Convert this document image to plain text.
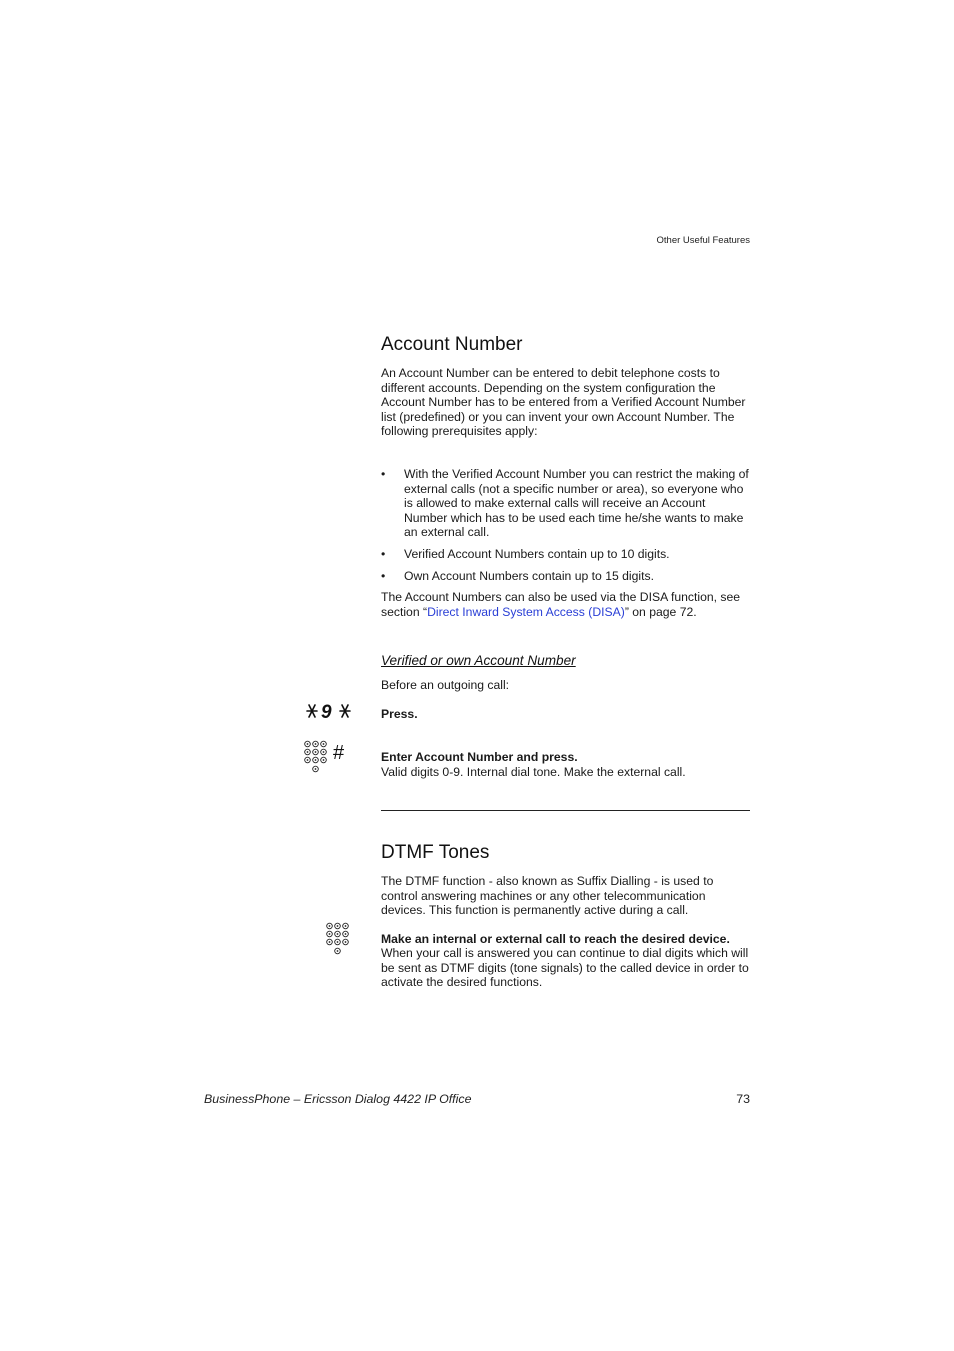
Other Useful Features
Account Number

An Account Number can be entered to debit telephone costs to different accounts. Depending on the system configuration the Account Number has to be entered from a Verified Account Number list (predefined) or you can invent your own Account Number. The following prerequisites apply:

• With the Verified Account Number you can restrict the making of external calls (not a specific number or area), so everyone who is allowed to make external calls will receive an Account Number which has to be used each time he/she wants to make an external call.
• Verified Account Numbers contain up to 10 digits.
• Own Account Numbers contain up to 15 digits.

The Account Numbers can also be used via the DISA function, see section “Direct Inward System Access (DISA)” on page 72.

Verified or own Account Number
Before an outgoing call:
9	Press.
#	Enter Account Number and press.
Valid digits 0-9. Internal dial tone. Make the external call.
DTMF Tones

The DTMF function - also known as Suffix Dialling - is used to control answering machines or any other telecommunication devices. This function is permanently active during a call.

Make an internal or external call to reach the desired device.

When your call is answered you can continue to dial digits which will be sent as DTMF digits (tone signals) to the called device in order to activate the desired functions.

BusinessPhone – Ericsson Dialog 4422 IP Office	73
